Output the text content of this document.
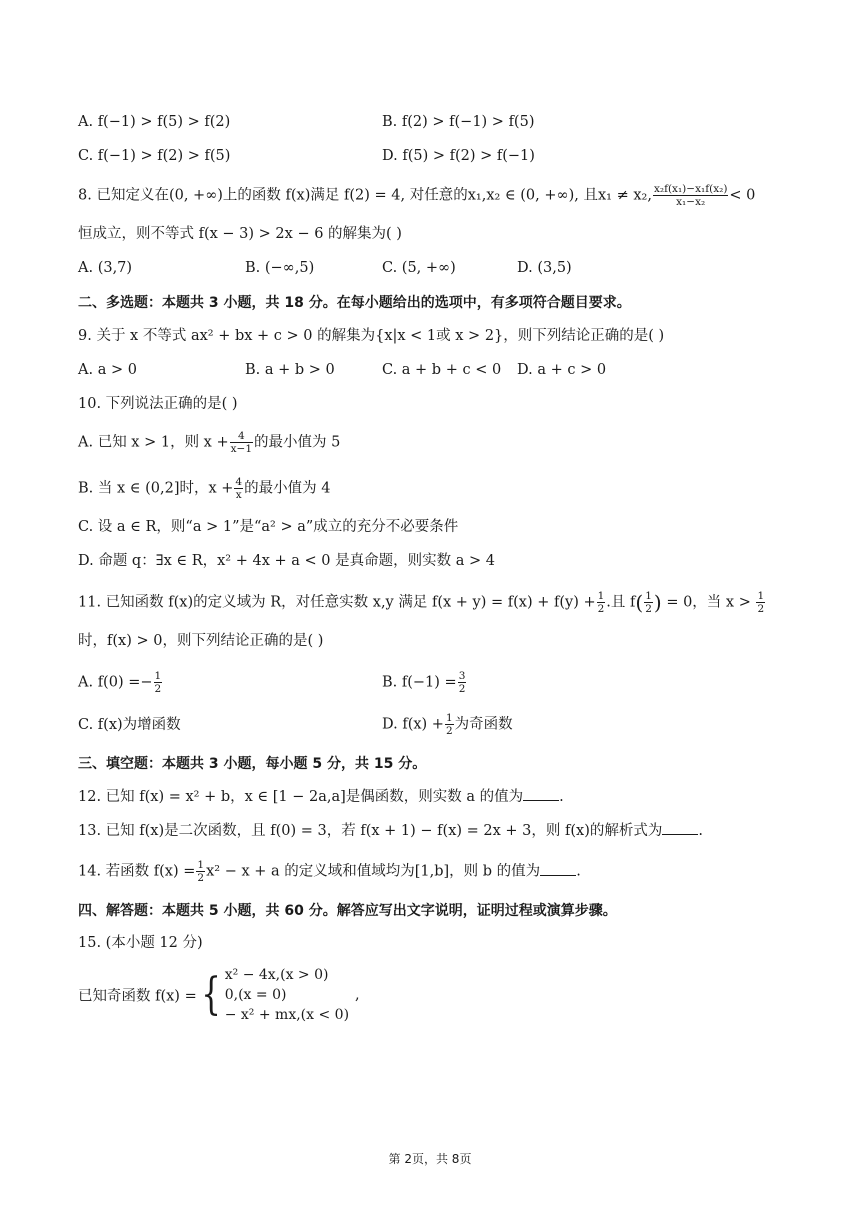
A. f(−1) > f(5) > f(2)	B. f(2) > f(−1) > f(5)
C. f(−1) > f(2) > f(5)	D. f(5) > f(2) > f(−1)
8. 已知定义在(0, +∞)上的函数 f(x)满足 f(2) = 4, 对任意的x₁,x₂ ∈ (0, +∞), 且x₁ ≠ x₂, $\frac{\text{x₂f(x₁)−x₁f(x₂)}}{\text{x₁−x₂}} < 0$
恒成立，则不等式 f(x − 3) > 2x − 6 的解集为( )
A. (3,7)	B. (−∞,5)	C. (5, +∞)	D. (3,5)
二、多选题：本题共 3 小题，共 18 分。在每小题给出的选项中，有多项符合题目要求。
9. 关于 x 不等式 ax² + bx + c > 0 的解集为{x|x < 1或 x > 2}，则下列结论正确的是( )
A. a > 0	B. a + b > 0	C. a + b + c < 0 D. a + c > 0
10. 下列说法正确的是( )
A. 已知 x > 1，则 $x + \frac{4}{x-1}$ 的最小值为 5
B. 当 x ∈ (0,2]时，$x + \frac{4}{x}$ 的最小值为 4
C. 设 a ∈ R，则“a > 1”是“a² > a”成立的充分不必要条件
D. 命题 q：∃x ∈ R，x² + 4x + a < 0 是真命题，则实数 a > 4
11. 已知函数 f(x)的定义域为 R，对任意实数 x,y 满足 $f(x + y) = f(x) + f(y) + \frac{1}{2}$ .且 $f( \frac{1}{2}$ ) = 0，当 $x > \frac{1}{2}$
时，f(x) > 0，则下列结论正确的是( )
A. $f(0) =- \frac{1}{2}$	B. $f(-1) = \frac{3}{2}$
C. f(x)为增函数	D. $f(x) + \frac{1}{2}$ 为奇函数
三、填空题：本题共 3 小题，每小题 5 分，共 15 分。
12. 已知 f(x) = x² + b，x ∈ [1 − 2a,a]是偶函数，则实数 a 的值为 .
13. 已知 f(x)是二次函数，且 f(0) = 3，若 f(x + 1) − f(x) = 2x + 3，则 f(x)的解析式为 .
14. 若函数 $f(x) = \frac{1}{2} x^2 - x + a$ 的定义域和值域均为[1,b]，则 b 的值为 .
四、解答题：本题共 5 小题，共 60 分。解答应写出文字说明，证明过程或演算步骤。
15. (本小题 12 分)
已知奇函数 f(x) ={ x² − 4x,(x > 0)
0,(x = 0)
− x² + mx,(x < 0)
,
第 2页，共 8页
